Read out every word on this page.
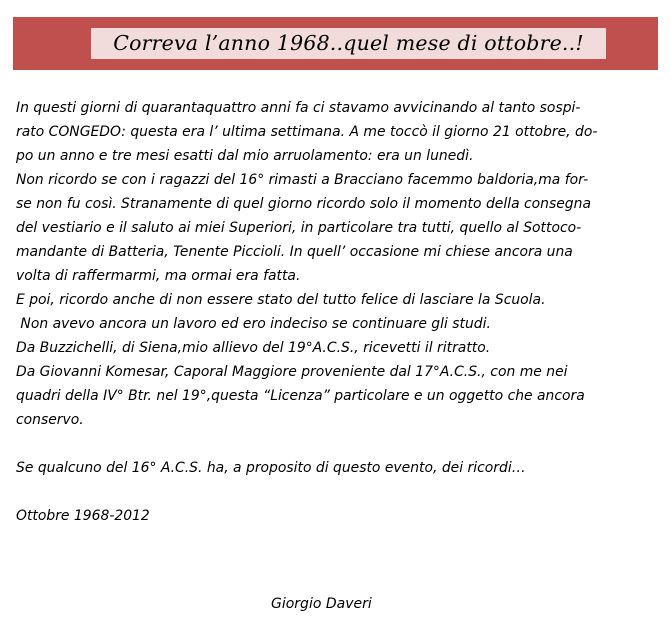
Correva l’anno 1968..quel mese di ottobre..!
In questi giorni di quarantaquattro anni fa ci stavamo avvicinando al tanto sospi-
rato CONGEDO: questa era l’ ultima settimana. A me toccò il giorno 21 ottobre, do-
po un anno e tre mesi esatti dal mio arruolamento: era un lunedì.
Non ricordo se con i ragazzi del 16° rimasti a Bracciano facemmo baldoria,ma for-
se non fu così. Stranamente di quel giorno ricordo solo il momento della consegna
del vestiario e il saluto ai miei Superiori, in particolare tra tutti, quello al Sottoco-
mandante di Batteria, Tenente Piccioli. In quell’ occasione mi chiese ancora una
volta di raffermarmi, ma ormai era fatta.
E poi, ricordo anche di non essere stato del tutto felice di lasciare la Scuola.
Non avevo ancora un lavoro ed ero indeciso se continuare gli studi.
Da Buzzichelli, di Siena,mio allievo del 19°A.C.S., ricevetti il ritratto.
Da Giovanni Komesar, Caporal Maggiore proveniente dal 17°A.C.S., con me nei
quadri della IV° Btr. nel 19°,questa “Licenza” particolare e un oggetto che ancora
conservo.
Se qualcuno del 16° A.C.S. ha, a proposito di questo evento, dei ricordi…
Ottobre 1968-2012
Giorgio Daveri
